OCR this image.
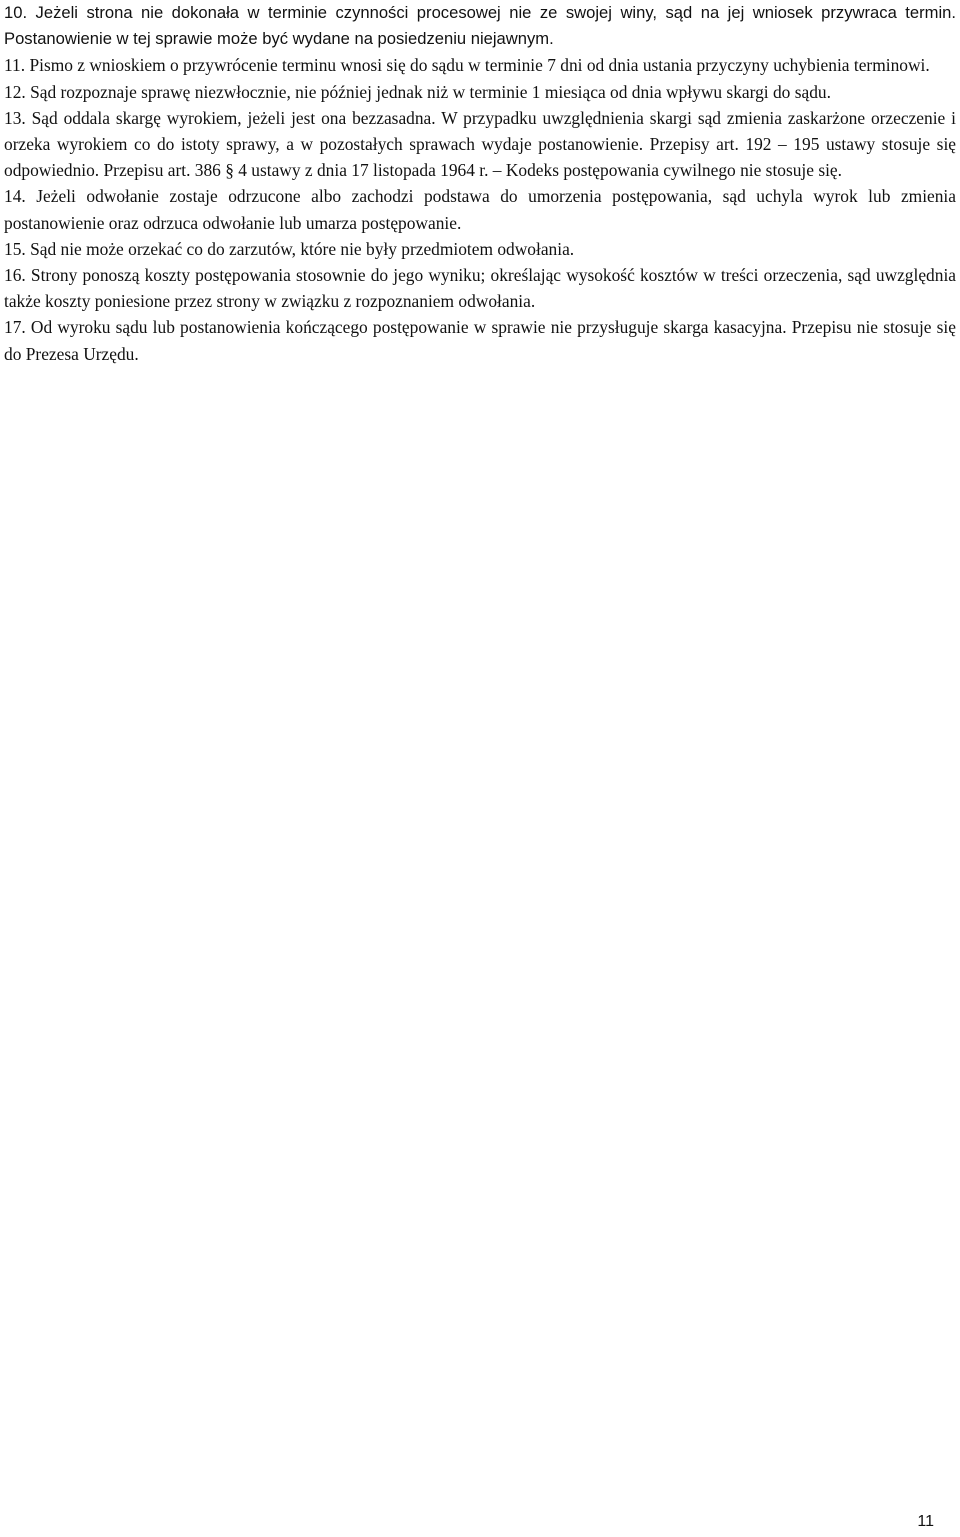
10. Jeżeli strona nie dokonała w terminie czynności procesowej nie ze swojej winy, sąd na jej wniosek przywraca termin. Postanowienie w tej sprawie może być wydane na posiedzeniu niejawnym.

11. Pismo z wnioskiem o przywrócenie terminu wnosi się do sądu w terminie 7 dni od dnia ustania przyczyny uchybienia terminowi.

12. Sąd rozpoznaje sprawę niezwłocznie, nie później jednak niż w terminie 1 miesiąca od dnia wpływu skargi do sądu.

13. Sąd oddala skargę wyrokiem, jeżeli jest ona bezzasadna. W przypadku uwzględnienia skargi sąd zmienia zaskarżone orzeczenie i orzeka wyrokiem co do istoty sprawy, a w pozostałych sprawach wydaje postanowienie. Przepisy art. 192 – 195 ustawy stosuje się odpowiednio. Przepisu art. 386 § 4 ustawy z dnia 17 listopada 1964 r. – Kodeks postępowania cywilnego nie stosuje się.

14. Jeżeli odwołanie zostaje odrzucone albo zachodzi podstawa do umorzenia postępowania, sąd uchyla wyrok lub zmienia postanowienie oraz odrzuca odwołanie lub umarza postępowanie.

15. Sąd nie może orzekać co do zarzutów, które nie były przedmiotem odwołania.

16. Strony ponoszą koszty postępowania stosownie do jego wyniku; określając wysokość kosztów w treści orzeczenia, sąd uwzględnia także koszty poniesione przez strony w związku z rozpoznaniem odwołania.

17. Od wyroku sądu lub postanowienia kończącego postępowanie w sprawie nie przysługuje skarga kasacyjna. Przepisu nie stosuje się do Prezesa Urzędu.

11
